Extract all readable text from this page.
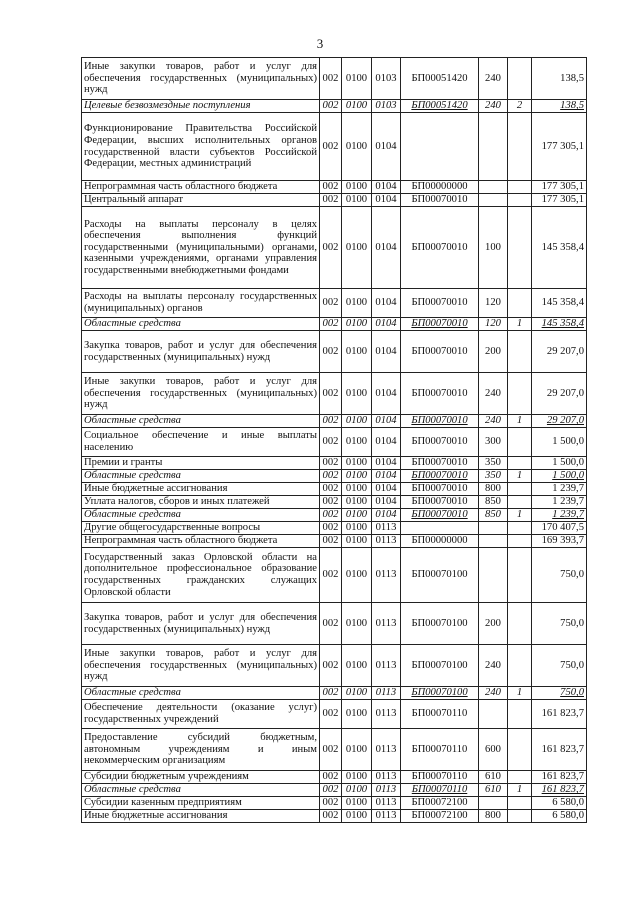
3
Иные закупки товаров, работ и услуг для обеспечения государственных (муниципальных) нужд	002	0100	0103	БП00051420	240		138,5
Целевые безвозмездные поступления	002	0100	0103	БП00051420	240	2	138,5
Функционирование Правительства Российской Федерации, высших исполнительных органов государственной власти субъектов Российской Федерации, местных администраций	002	0100	0104				177 305,1
Непрограммная часть областного бюджета	002	0100	0104	БП00000000			177 305,1
Центральный аппарат	002	0100	0104	БП00070010			177 305,1
Расходы на выплаты персоналу в целях обеспечения выполнения функций государственными (муниципальными) органами, казенными учреждениями, органами управления государственными внебюджетными фондами	002	0100	0104	БП00070010	100		145 358,4
Расходы на выплаты персоналу государственных (муниципальных) органов	002	0100	0104	БП00070010	120		145 358,4
Областные средства	002	0100	0104	БП00070010	120	1	145 358,4
Закупка товаров, работ и услуг для обеспечения государственных (муниципальных) нужд	002	0100	0104	БП00070010	200		29 207,0
Иные закупки товаров, работ и услуг для обеспечения государственных (муниципальных) нужд	002	0100	0104	БП00070010	240		29 207,0
Областные средства	002	0100	0104	БП00070010	240	1	29 207,0
Социальное обеспечение и иные выплаты населению	002	0100	0104	БП00070010	300		1 500,0
Премии и гранты	002	0100	0104	БП00070010	350		1 500,0
Областные средства	002	0100	0104	БП00070010	350	1	1 500,0
Иные бюджетные ассигнования	002	0100	0104	БП00070010	800		1 239,7
Уплата налогов, сборов и иных платежей	002	0100	0104	БП00070010	850		1 239,7
Областные средства	002	0100	0104	БП00070010	850	1	1 239,7
Другие общегосударственные вопросы	002	0100	0113				170 407,5
Непрограммная часть областного бюджета	002	0100	0113	БП00000000			169 393,7
Государственный заказ Орловской области на дополнительное профессиональное образование государственных гражданских служащих Орловской области	002	0100	0113	БП00070100			750,0
Закупка товаров, работ и услуг для обеспечения государственных (муниципальных) нужд	002	0100	0113	БП00070100	200		750,0
Иные закупки товаров, работ и услуг для обеспечения государственных (муниципальных) нужд	002	0100	0113	БП00070100	240		750,0
Областные средства	002	0100	0113	БП00070100	240	1	750,0
Обеспечение деятельности (оказание услуг) государственных учреждений	002	0100	0113	БП00070110			161 823,7
Предоставление субсидий бюджетным, автономным учреждениям и иным некоммерческим организациям	002	0100	0113	БП00070110	600		161 823,7
Субсидии бюджетным учреждениям	002	0100	0113	БП00070110	610		161 823,7
Областные средства	002	0100	0113	БП00070110	610	1	161 823,7
Субсидии казенным предприятиям	002	0100	0113	БП00072100			6 580,0
Иные бюджетные ассигнования	002	0100	0113	БП00072100	800		6 580,0
